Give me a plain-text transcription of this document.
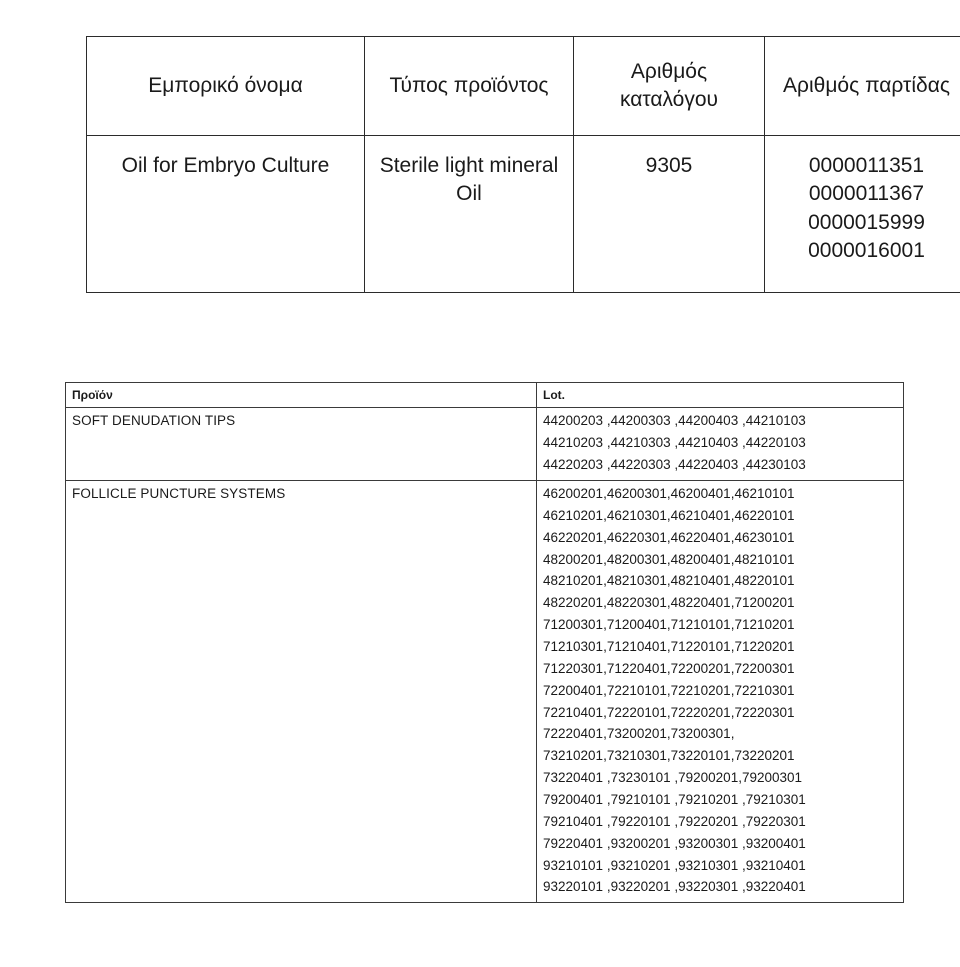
Εμπορικό όνομα	Τύπος προϊόντος	Αριθμός καταλόγου	Αριθμός παρτίδας
Oil for Embryo Culture	Sterile light mineral Oil	9305	0000011351
0000011367
0000015999
0000016001
Προϊόν	Lot.
SOFT DENUDATION TIPS	44200203 ,44200303 ,44200403 ,44210103
44210203 ,44210303 ,44210403 ,44220103
44220203 ,44220303 ,44220403 ,44230103

FOLLICLE PUNCTURE SYSTEMS	46200201,46200301,46200401,46210101
46210201,46210301,46210401,46220101
46220201,46220301,46220401,46230101
48200201,48200301,48200401,48210101
48210201,48210301,48210401,48220101
48220201,48220301,48220401,71200201
71200301,71200401,71210101,71210201
71210301,71210401,71220101,71220201
71220301,71220401,72200201,72200301
72200401,72210101,72210201,72210301
72210401,72220101,72220201,72220301
72220401,73200201,73200301,
73210201,73210301,73220101,73220201
73220401 ,73230101 ,79200201,79200301
79200401 ,79210101 ,79210201 ,79210301
79210401 ,79220101 ,79220201 ,79220301
79220401 ,93200201 ,93200301 ,93200401
93210101 ,93210201 ,93210301 ,93210401
93220101 ,93220201 ,93220301 ,93220401
